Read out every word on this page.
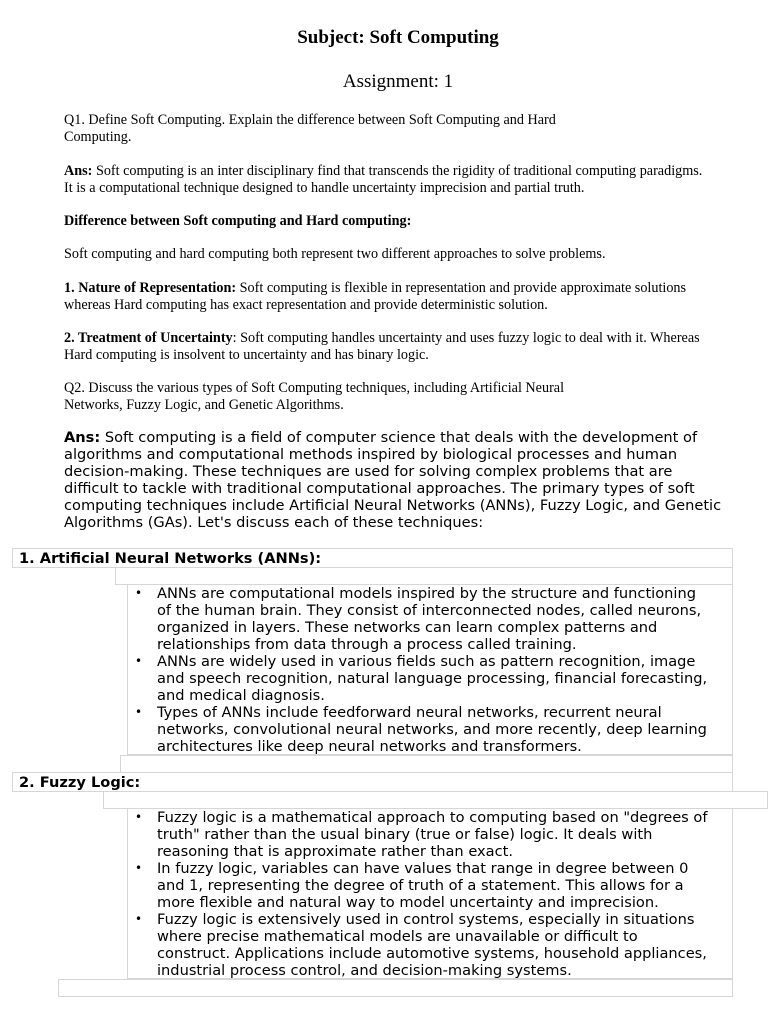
Subject: Soft Computing
Assignment: 1
Q1. Define Soft Computing. Explain the difference between Soft Computing and Hard Computing.
Ans: Soft computing is an inter disciplinary find that transcends the rigidity of traditional computing paradigms. It is a computational technique designed to handle uncertainty imprecision and partial truth.
Difference between Soft computing and Hard computing:
Soft computing and hard computing both represent two different approaches to solve problems.
1. Nature of Representation: Soft computing is flexible in representation and provide approximate solutions whereas Hard computing has exact representation and provide deterministic solution.
2. Treatment of Uncertainty: Soft computing handles uncertainty and uses fuzzy logic to deal with it. Whereas Hard computing is insolvent to uncertainty and has binary logic.
Q2. Discuss the various types of Soft Computing techniques, including Artificial Neural Networks, Fuzzy Logic, and Genetic Algorithms.
Ans: Soft computing is a field of computer science that deals with the development of algorithms and computational methods inspired by biological processes and human decision-making. These techniques are used for solving complex problems that are difficult to tackle with traditional computational approaches. The primary types of soft computing techniques include Artificial Neural Networks (ANNs), Fuzzy Logic, and Genetic Algorithms (GAs). Let's discuss each of these techniques:
1. Artificial Neural Networks (ANNs):
• ANNs are computational models inspired by the structure and functioning of the human brain. They consist of interconnected nodes, called neurons, organized in layers. These networks can learn complex patterns and relationships from data through a process called training.
• ANNs are widely used in various fields such as pattern recognition, image and speech recognition, natural language processing, financial forecasting, and medical diagnosis.
• Types of ANNs include feedforward neural networks, recurrent neural networks, convolutional neural networks, and more recently, deep learning architectures like deep neural networks and transformers.
2. Fuzzy Logic:
• Fuzzy logic is a mathematical approach to computing based on "degrees of truth" rather than the usual binary (true or false) logic. It deals with reasoning that is approximate rather than exact.
• In fuzzy logic, variables can have values that range in degree between 0 and 1, representing the degree of truth of a statement. This allows for a more flexible and natural way to model uncertainty and imprecision.
• Fuzzy logic is extensively used in control systems, especially in situations where precise mathematical models are unavailable or difficult to construct. Applications include automotive systems, household appliances, industrial process control, and decision-making systems.
